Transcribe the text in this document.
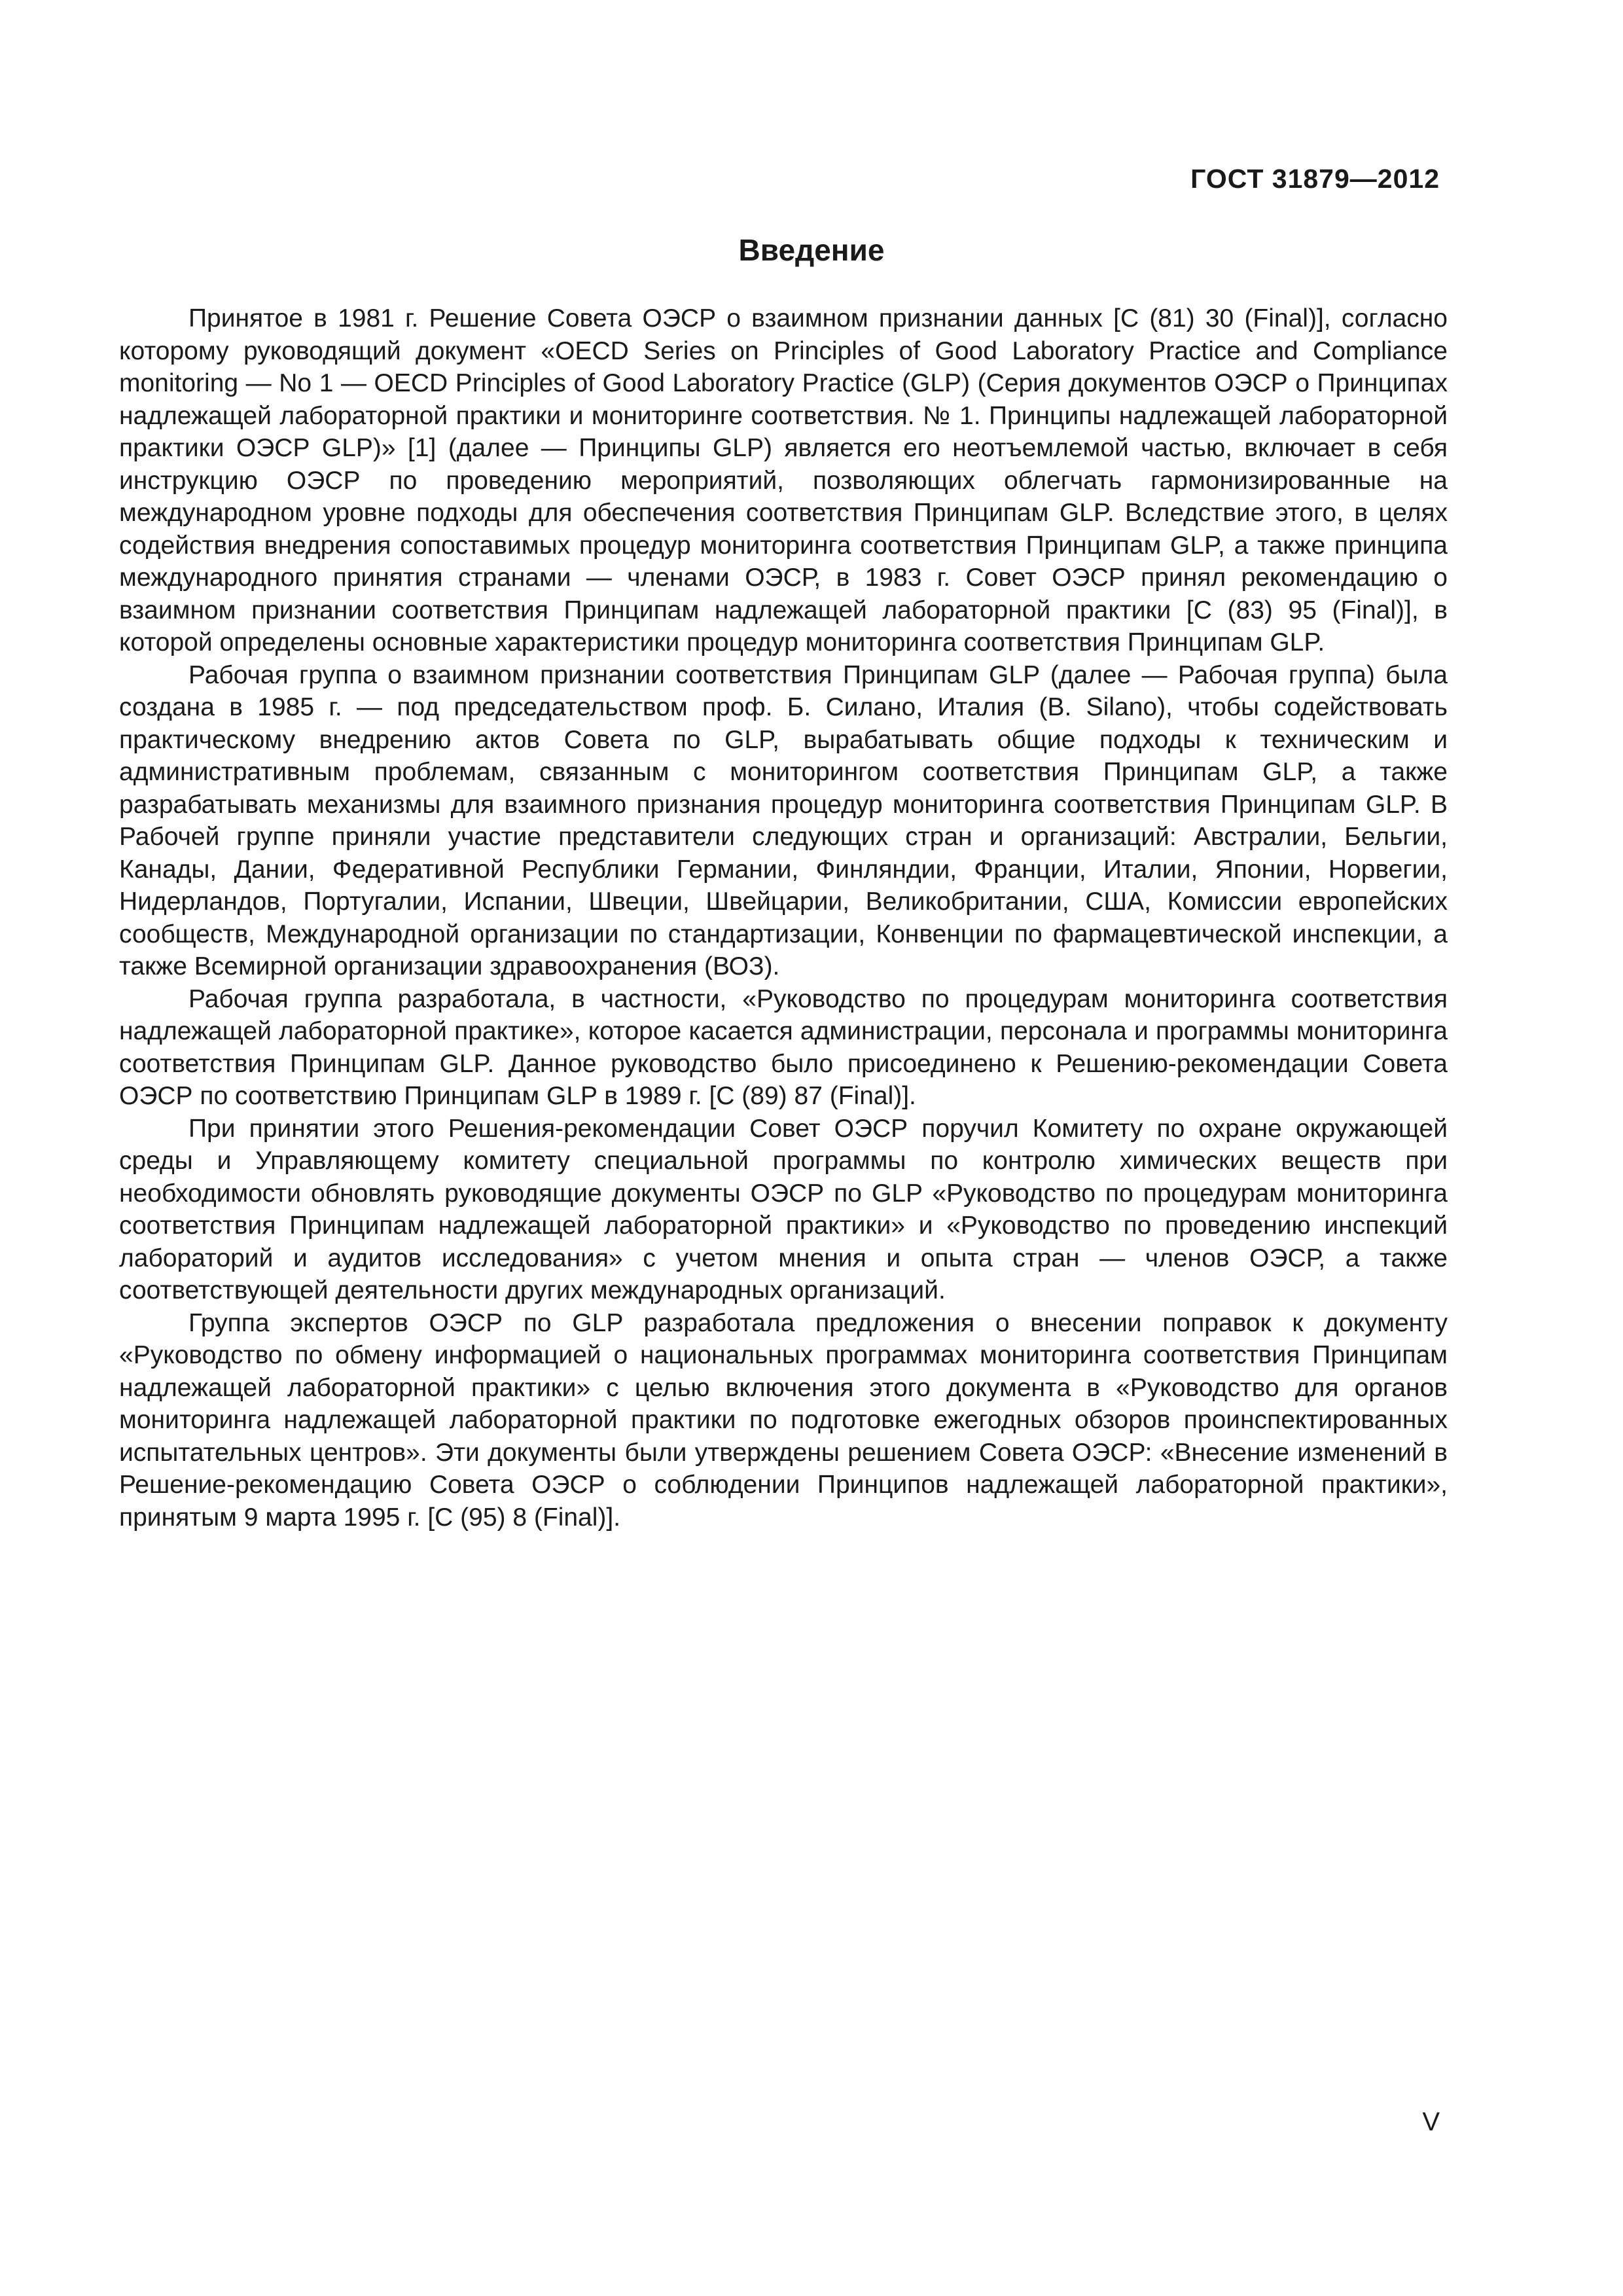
ГОСТ 31879—2012
Введение

Принятое в 1981 г. Решение Совета ОЭСР о взаимном признании данных [С (81) 30 (Final)], согласно которому руководящий документ «OECD Series on Principles of Good Laboratory Practice and Compliance monitoring — No 1 — OECD Principles of Good Laboratory Practice (GLP) (Серия документов ОЭСР о Принципах надлежащей лабораторной практики и мониторинге соответствия. № 1. Принципы надлежащей лабораторной практики ОЭСР GLP)» [1] (далее — Принципы GLP) является его неотъемлемой частью, включает в себя инструкцию ОЭСР по проведению мероприятий, позволяющих облегчать гармонизированные на международном уровне подходы для обеспечения соответствия Принципам GLP. Вследствие этого, в целях содействия внедрения сопоставимых процедур мониторинга соответствия Принципам GLP, а также принципа международного принятия странами — членами ОЭСР, в 1983 г. Совет ОЭСР принял рекомендацию о взаимном признании соответствия Принципам надлежащей лабораторной практики [С (83) 95 (Final)], в которой определены основные характеристики процедур мониторинга соответствия Принципам GLP.

Рабочая группа о взаимном признании соответствия Принципам GLP (далее — Рабочая группа) была создана в 1985 г. — под председательством проф. Б. Силано, Италия (B. Silano), чтобы содействовать практическому внедрению актов Совета по GLP, вырабатывать общие подходы к техническим и административным проблемам, связанным с мониторингом соответствия Принципам GLP, а также разрабатывать механизмы для взаимного признания процедур мониторинга соответствия Принципам GLP. В Рабочей группе приняли участие представители следующих стран и организаций: Австралии, Бельгии, Канады, Дании, Федеративной Республики Германии, Финляндии, Франции, Италии, Японии, Норвегии, Нидерландов, Португалии, Испании, Швеции, Швейцарии, Великобритании, США, Комиссии европейских сообществ, Международной организации по стандартизации, Конвенции по фармацевтической инспекции, а также Всемирной организации здравоохранения (ВОЗ).

Рабочая группа разработала, в частности, «Руководство по процедурам мониторинга соответствия надлежащей лабораторной практике», которое касается администрации, персонала и программы мониторинга соответствия Принципам GLP. Данное руководство было присоединено к Решению-рекомендации Совета ОЭСР по соответствию Принципам GLP в 1989 г. [С (89) 87 (Final)].

При принятии этого Решения-рекомендации Совет ОЭСР поручил Комитету по охране окружающей среды и Управляющему комитету специальной программы по контролю химических веществ при необходимости обновлять руководящие документы ОЭСР по GLP «Руководство по процедурам мониторинга соответствия Принципам надлежащей лабораторной практики» и «Руководство по проведению инспекций лабораторий и аудитов исследования» с учетом мнения и опыта стран — членов ОЭСР, а также соответствующей деятельности других международных организаций.

Группа экспертов ОЭСР по GLP разработала предложения о внесении поправок к документу «Руководство по обмену информацией о национальных программах мониторинга соответствия Принципам надлежащей лабораторной практики» с целью включения этого документа в «Руководство для органов мониторинга надлежащей лабораторной практики по подготовке ежегодных обзоров проинспектированных испытательных центров». Эти документы были утверждены решением Совета ОЭСР: «Внесение изменений в Решение-рекомендацию Совета ОЭСР о соблюдении Принципов надлежащей лабораторной практики», принятым 9 марта 1995 г. [С (95) 8 (Final)].

V
